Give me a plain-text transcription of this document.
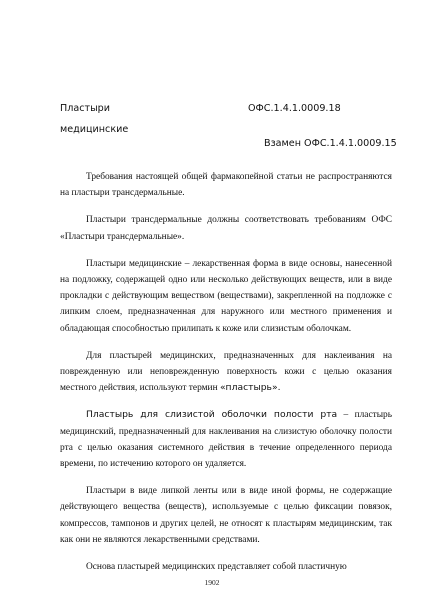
Пластыри
медицинские
ОФС.1.4.1.0009.18
Взамен ОФС.1.4.1.0009.15

Требования настоящей общей фармакопейной статьи не распространяются на пластыри трансдермальные.

Пластыри трансдермальные должны соответствовать требованиям ОФС «Пластыри трансдермальные».

Пластыри медицинские – лекарственная форма в виде основы, нанесенной на подложку, содержащей одно или несколько действующих веществ, или в виде прокладки с действующим веществом (веществами), закрепленной на подложке с липким слоем, предназначенная для наружного или местного применения и обладающая способностью прилипать к коже или слизистым оболочкам.

Для пластырей медицинских, предназначенных для наклеивания на поврежденную или неповрежденную поверхность кожи с целью оказания местного действия, используют термин «пластырь».

Пластырь для слизистой оболочки полости рта – пластырь медицинский, предназначенный для наклеивания на слизистую оболочку полости рта с целью оказания системного действия в течение определенного периода времени, по истечению которого он удаляется.

Пластыри в виде липкой ленты или в виде иной формы, не содержащие действующего вещества (веществ), используемые с целью фиксации повязок, компрессов, тампонов и других целей, не относят к пластырям медицинским, так как они не являются лекарственными средствами.

Основа пластырей медицинских представляет собой пластичную

1902
